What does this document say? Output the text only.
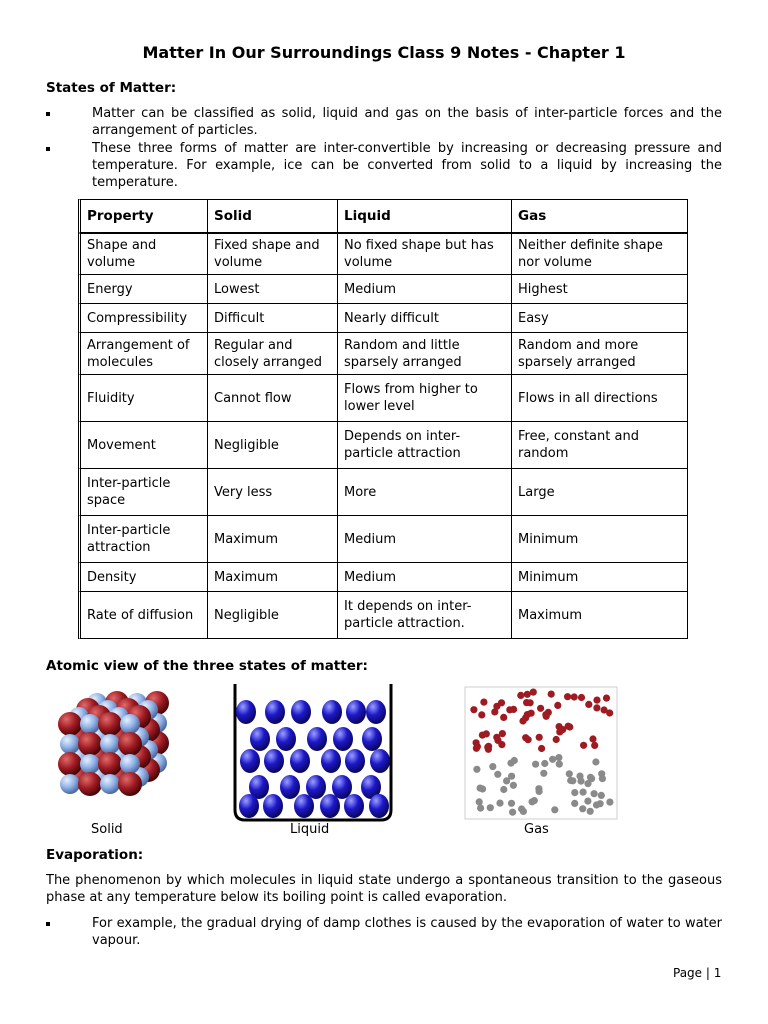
Matter In Our Surroundings Class 9 Notes - Chapter 1
States of Matter:
Matter can be classified as solid, liquid and gas on the basis of inter-particle forces and the arrangement of particles.
These three forms of matter are inter-convertible by increasing or decreasing pressure and temperature. For example, ice can be converted from solid to a liquid by increasing the temperature.
Property	Solid	Liquid	Gas
Shape and volume	Fixed shape and volume	No fixed shape but has volume	Neither definite shape nor volume
Energy	Lowest	Medium	Highest
Compressibility	Difficult	Nearly difficult	Easy
Arrangement of molecules	Regular and closely arranged	Random and little sparsely arranged	Random and more sparsely arranged
Fluidity	Cannot flow	Flows from higher to lower level	Flows in all directions
Movement	Negligible	Depends on inter-particle attraction	Free, constant and random
Inter-particle space	Very less	More	Large
Inter-particle attraction	Maximum	Medium	Minimum
Density	Maximum	Medium	Minimum
Rate of diffusion	Negligible	It depends on inter-particle attraction.	Maximum
Atomic view of the three states of matter:
Solid	Liquid	Gas
Evaporation:
The phenomenon by which molecules in liquid state undergo a spontaneous transition to the gaseous phase at any temperature below its boiling point is called evaporation.
For example, the gradual drying of damp clothes is caused by the evaporation of water to water vapour.
Page | 1
